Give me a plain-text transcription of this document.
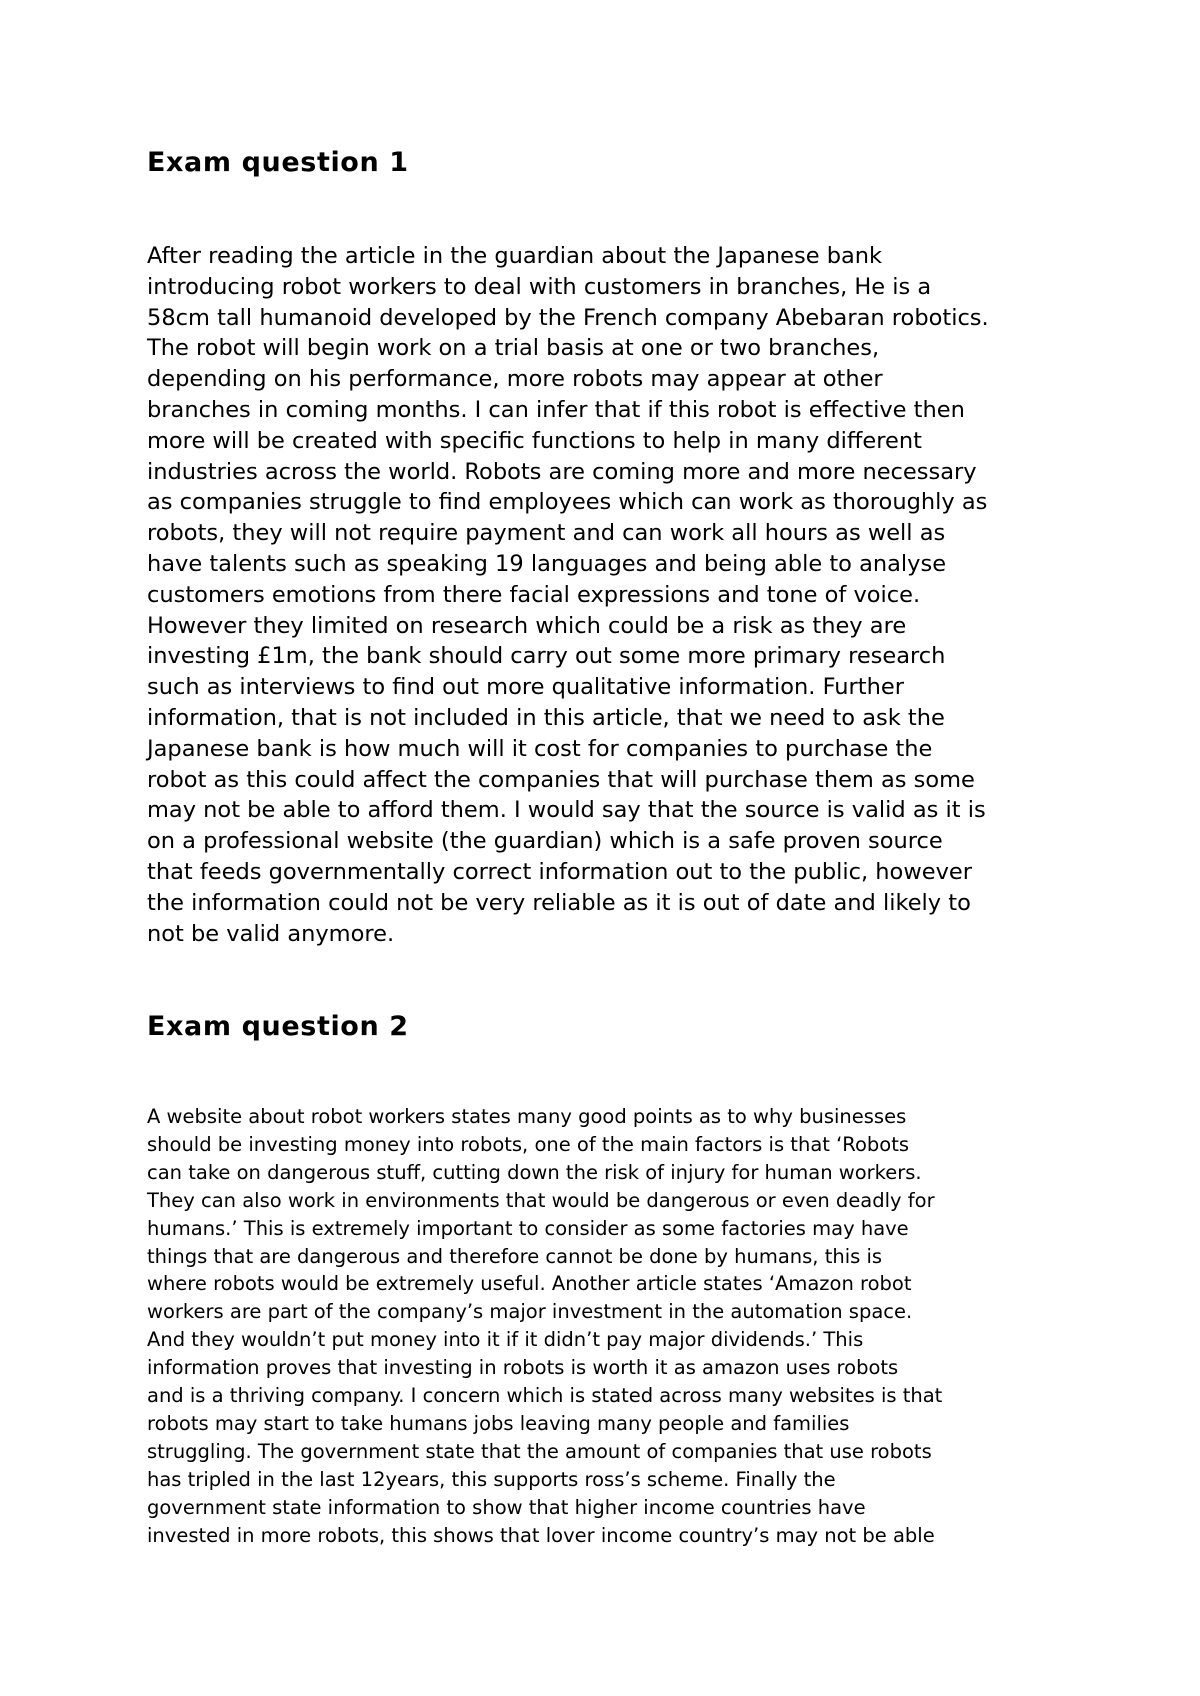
Exam question 1

After reading the article in the guardian about the Japanese bank
introducing robot workers to deal with customers in branches, He is a
58cm tall humanoid developed by the French company Abebaran robotics.
The robot will begin work on a trial basis at one or two branches,
depending on his performance, more robots may appear at other
branches in coming months. I can infer that if this robot is effective then
more will be created with specific functions to help in many different
industries across the world. Robots are coming more and more necessary
as companies struggle to find employees which can work as thoroughly as
robots, they will not require payment and can work all hours as well as
have talents such as speaking 19 languages and being able to analyse
customers emotions from there facial expressions and tone of voice.
However they limited on research which could be a risk as they are
investing £1m, the bank should carry out some more primary research
such as interviews to find out more qualitative information. Further
information, that is not included in this article, that we need to ask the
Japanese bank is how much will it cost for companies to purchase the
robot as this could affect the companies that will purchase them as some
may not be able to afford them. I would say that the source is valid as it is
on a professional website (the guardian) which is a safe proven source
that feeds governmentally correct information out to the public, however
the information could not be very reliable as it is out of date and likely to
not be valid anymore.

Exam question 2

A website about robot workers states many good points as to why businesses
should be investing money into robots, one of the main factors is that ‘Robots
can take on dangerous stuff, cutting down the risk of injury for human workers.
They can also work in environments that would be dangerous or even deadly for
humans.’ This is extremely important to consider as some factories may have
things that are dangerous and therefore cannot be done by humans, this is
where robots would be extremely useful. Another article states ‘Amazon robot
workers are part of the company’s major investment in the automation space.
And they wouldn’t put money into it if it didn’t pay major dividends.’ This
information proves that investing in robots is worth it as amazon uses robots
and is a thriving company. I concern which is stated across many websites is that
robots may start to take humans jobs leaving many people and families
struggling. The government state that the amount of companies that use robots
has tripled in the last 12years, this supports ross’s scheme. Finally the
government state information to show that higher income countries have
invested in more robots, this shows that lover income country’s may not be able
